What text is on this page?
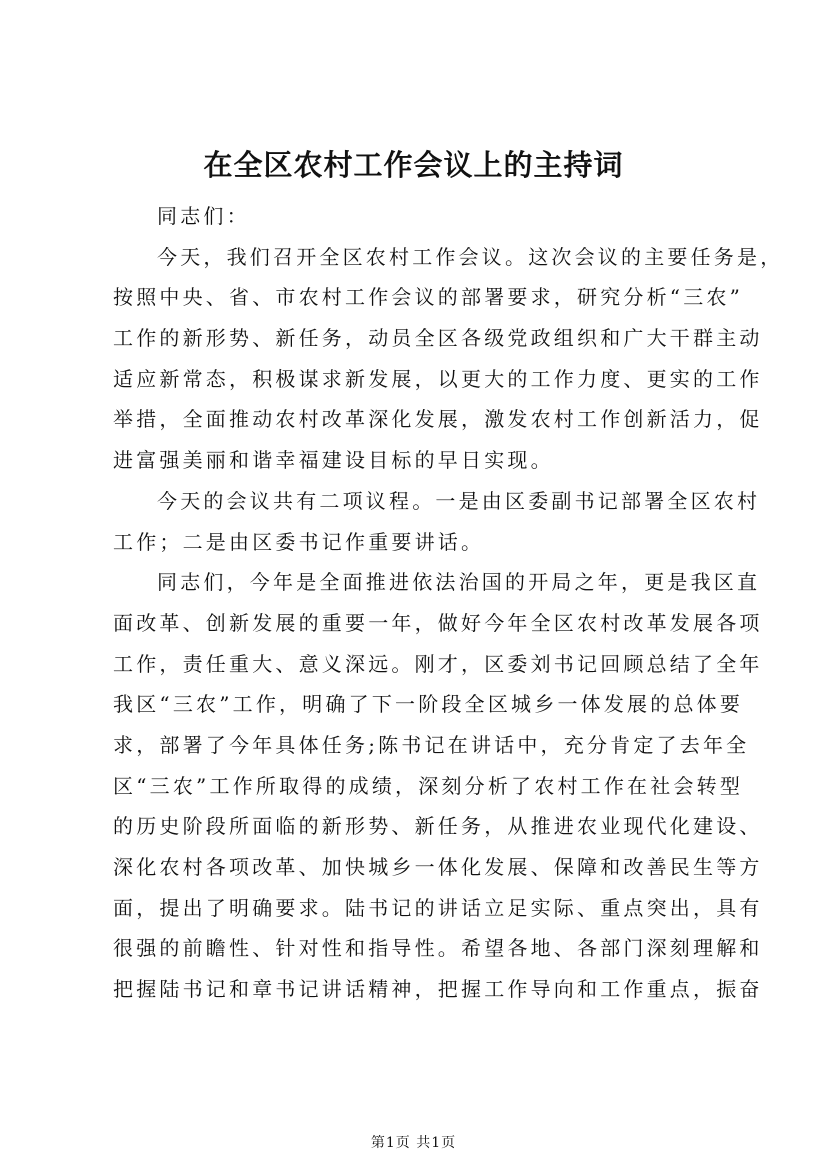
在全区农村工作会议上的主持词
同志们：
今天，我们召开全区农村工作会议。这次会议的主要任务是，
按照中央、省、市农村工作会议的部署要求，研究分析“三农”
工作的新形势、新任务，动员全区各级党政组织和广大干群主动
适应新常态，积极谋求新发展，以更大的工作力度、更实的工作
举措，全面推动农村改革深化发展，激发农村工作创新活力，促
进富强美丽和谐幸福建设目标的早日实现。
今天的会议共有二项议程。一是由区委副书记部署全区农村
工作；二是由区委书记作重要讲话。
同志们，今年是全面推进依法治国的开局之年，更是我区直
面改革、创新发展的重要一年，做好今年全区农村改革发展各项
工作，责任重大、意义深远。刚才，区委刘书记回顾总结了全年
我区“三农”工作，明确了下一阶段全区城乡一体发展的总体要
求，部署了今年具体任务;陈书记在讲话中，充分肯定了去年全
区“三农”工作所取得的成绩，深刻分析了农村工作在社会转型
的历史阶段所面临的新形势、新任务，从推进农业现代化建设、
深化农村各项改革、加快城乡一体化发展、保障和改善民生等方
面，提出了明确要求。陆书记的讲话立足实际、重点突出，具有
很强的前瞻性、针对性和指导性。希望各地、各部门深刻理解和
把握陆书记和章书记讲话精神，把握工作导向和工作重点，振奋
第1页 共1页
